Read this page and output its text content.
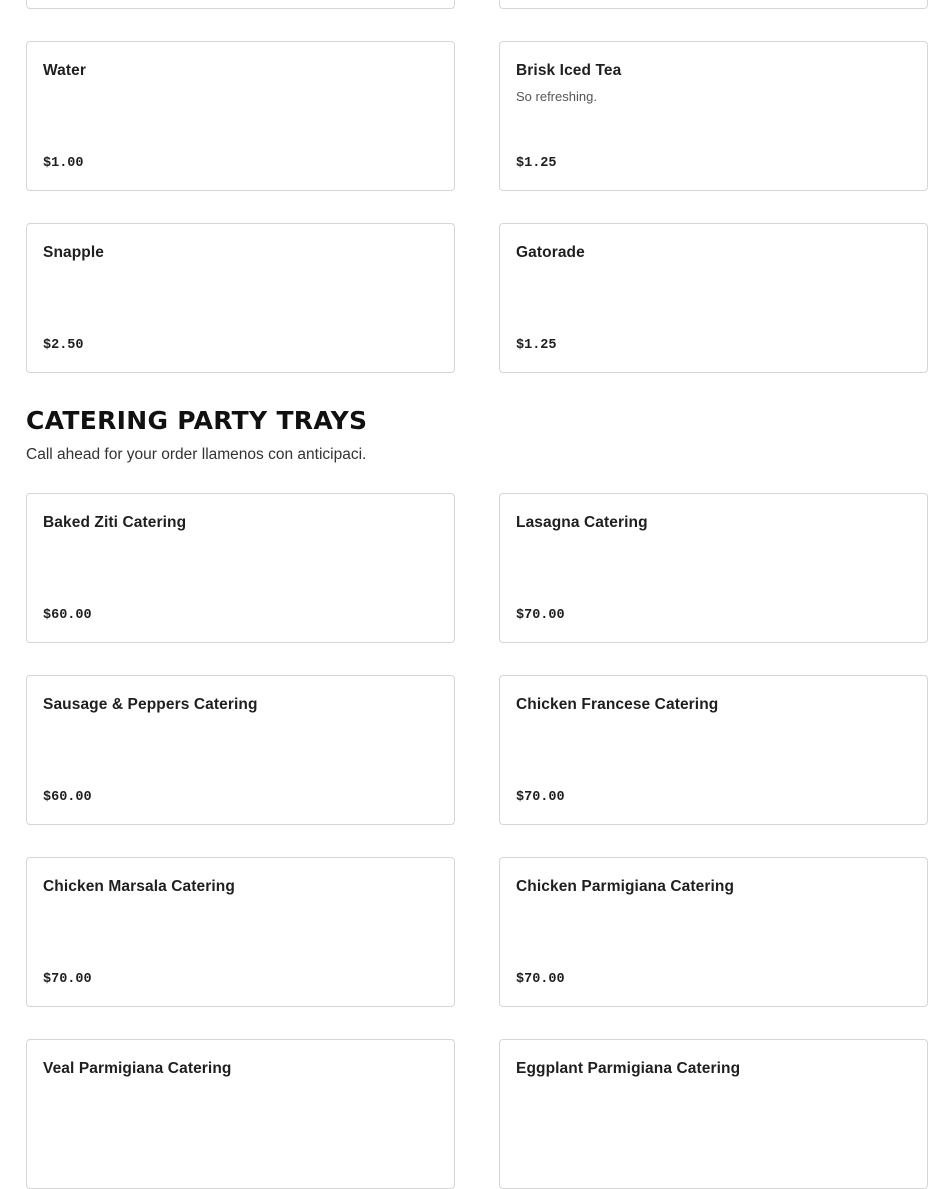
Water

$1.00

Brisk Iced Tea

So refreshing.
$1.25

Snapple

$2.50

Gatorade

$1.25
CATERING PARTY TRAYS
Call ahead for your order llamenos con anticipaci.

Baked Ziti Catering

$60.00

Lasagna Catering

$70.00

Sausage & Peppers Catering

$60.00

Chicken Francese Catering

$70.00

Chicken Marsala Catering

$70.00

Chicken Parmigiana Catering

$70.00

Veal Parmigiana Catering	Eggplant Parmigiana Catering
